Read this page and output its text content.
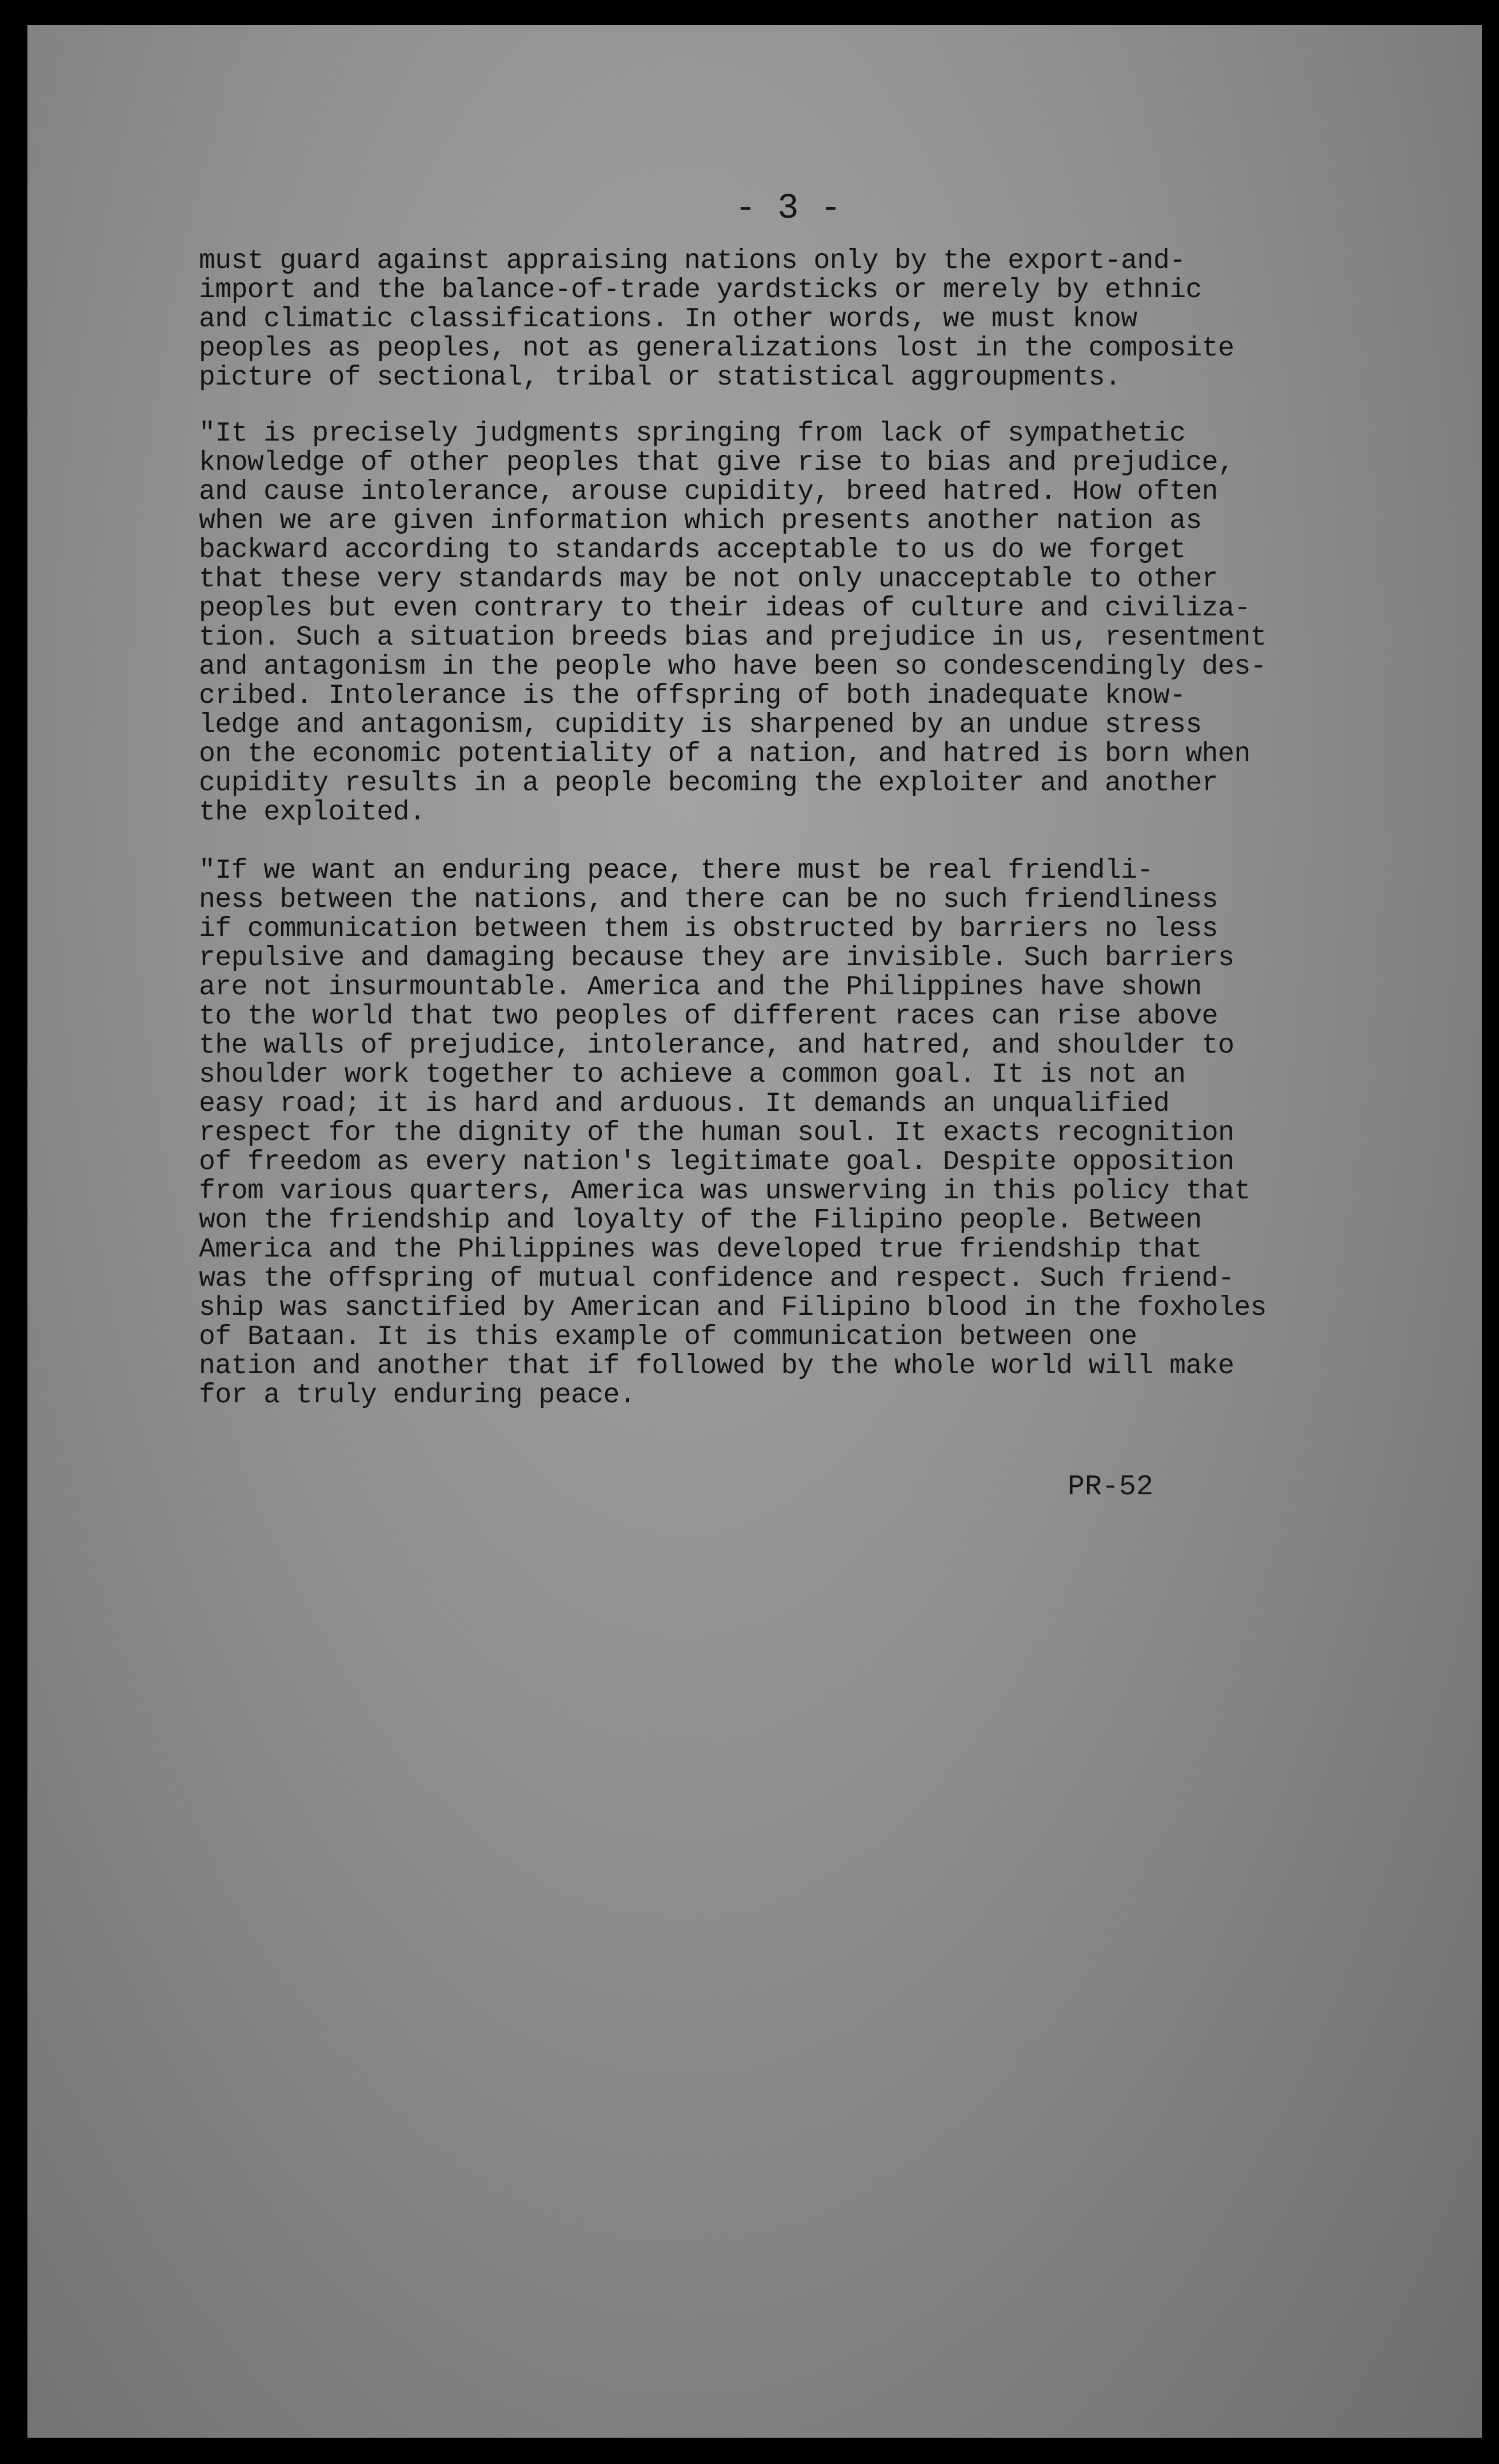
- 3 -
must guard against appraising nations only by the export-and-
import and the balance-of-trade yardsticks or merely by ethnic
and climatic classifications. In other words, we must know
peoples as peoples, not as generalizations lost in the composite
picture of sectional, tribal or statistical aggroupments.
"It is precisely judgments springing from lack of sympathetic
knowledge of other peoples that give rise to bias and prejudice,
and cause intolerance, arouse cupidity, breed hatred. How often
when we are given information which presents another nation as
backward according to standards acceptable to us do we forget
that these very standards may be not only unacceptable to other
peoples but even contrary to their ideas of culture and civiliza-
tion. Such a situation breeds bias and prejudice in us, resentment
and antagonism in the people who have been so condescendingly des-
cribed. Intolerance is the offspring of both inadequate know-
ledge and antagonism, cupidity is sharpened by an undue stress
on the economic potentiality of a nation, and hatred is born when
cupidity results in a people becoming the exploiter and another
the exploited.
"If we want an enduring peace, there must be real friendli-
ness between the nations, and there can be no such friendliness
if communication between them is obstructed by barriers no less
repulsive and damaging because they are invisible. Such barriers
are not insurmountable. America and the Philippines have shown
to the world that two peoples of different races can rise above
the walls of prejudice, intolerance, and hatred, and shoulder to
shoulder work together to achieve a common goal. It is not an
easy road; it is hard and arduous. It demands an unqualified
respect for the dignity of the human soul. It exacts recognition
of freedom as every nation's legitimate goal. Despite opposition
from various quarters, America was unswerving in this policy that
won the friendship and loyalty of the Filipino people. Between
America and the Philippines was developed true friendship that
was the offspring of mutual confidence and respect. Such friend-
ship was sanctified by American and Filipino blood in the foxholes
of Bataan. It is this example of communication between one
nation and another that if followed by the whole world will make
for a truly enduring peace.
PR-52
